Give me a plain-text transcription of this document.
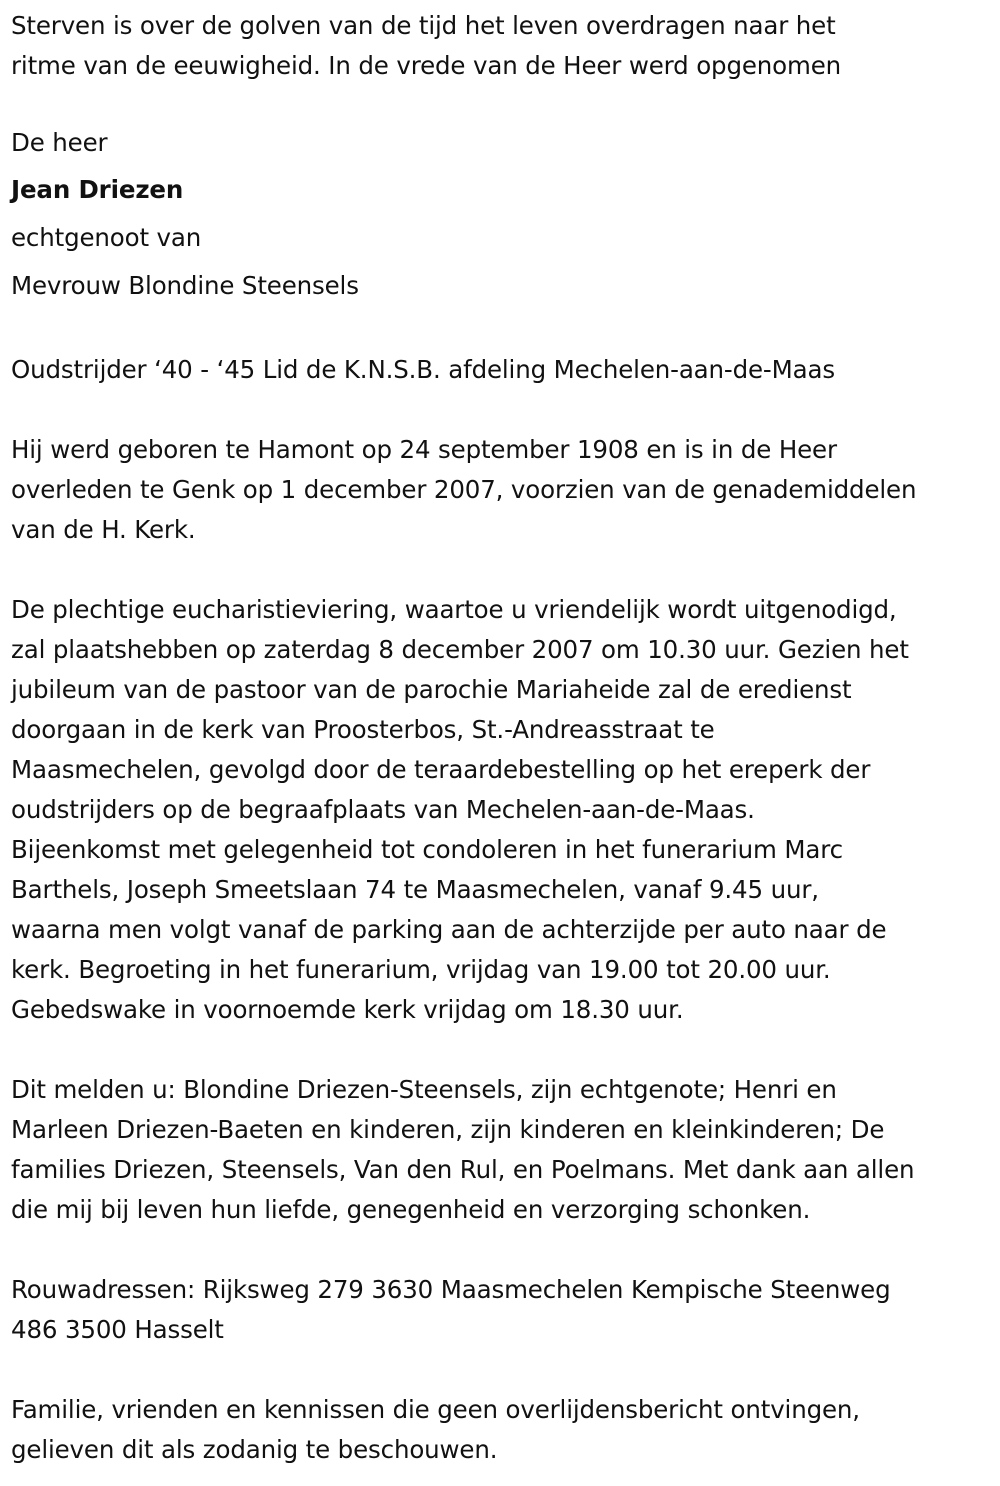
Sterven is over de golven van de tijd het leven overdragen naar het

ritme van de eeuwigheid. In de vrede van de Heer werd opgenomen

De heer

Jean Driezen

echtgenoot van

Mevrouw Blondine Steensels

Oudstrijder ‘40 - ‘45 Lid de K.N.S.B. afdeling Mechelen-aan-de-Maas

Hij werd geboren te Hamont op 24 september 1908 en is in de Heer

overleden te Genk op 1 december 2007, voorzien van de genademiddelen

van de H. Kerk.

De plechtige eucharistieviering, waartoe u vriendelijk wordt uitgenodigd,

zal plaatshebben op zaterdag 8 december 2007 om 10.30 uur. Gezien het

jubileum van de pastoor van de parochie Mariaheide zal de eredienst

doorgaan in de kerk van Proosterbos, St.-Andreasstraat te

Maasmechelen, gevolgd door de teraardebestelling op het ereperk der

oudstrijders op de begraafplaats van Mechelen-aan-de-Maas.

Bijeenkomst met gelegenheid tot condoleren in het funerarium Marc

Barthels, Joseph Smeetslaan 74 te Maasmechelen, vanaf 9.45 uur,

waarna men volgt vanaf de parking aan de achterzijde per auto naar de

kerk. Begroeting in het funerarium, vrijdag van 19.00 tot 20.00 uur.

Gebedswake in voornoemde kerk vrijdag om 18.30 uur.

Dit melden u: Blondine Driezen-Steensels, zijn echtgenote; Henri en

Marleen Driezen-Baeten en kinderen, zijn kinderen en kleinkinderen; De

families Driezen, Steensels, Van den Rul, en Poelmans. Met dank aan allen

die mij bij leven hun liefde, genegenheid en verzorging schonken.

Rouwadressen: Rijksweg 279 3630 Maasmechelen Kempische Steenweg

486 3500 Hasselt

Familie, vrienden en kennissen die geen overlijdensbericht ontvingen,

gelieven dit als zodanig te beschouwen.
